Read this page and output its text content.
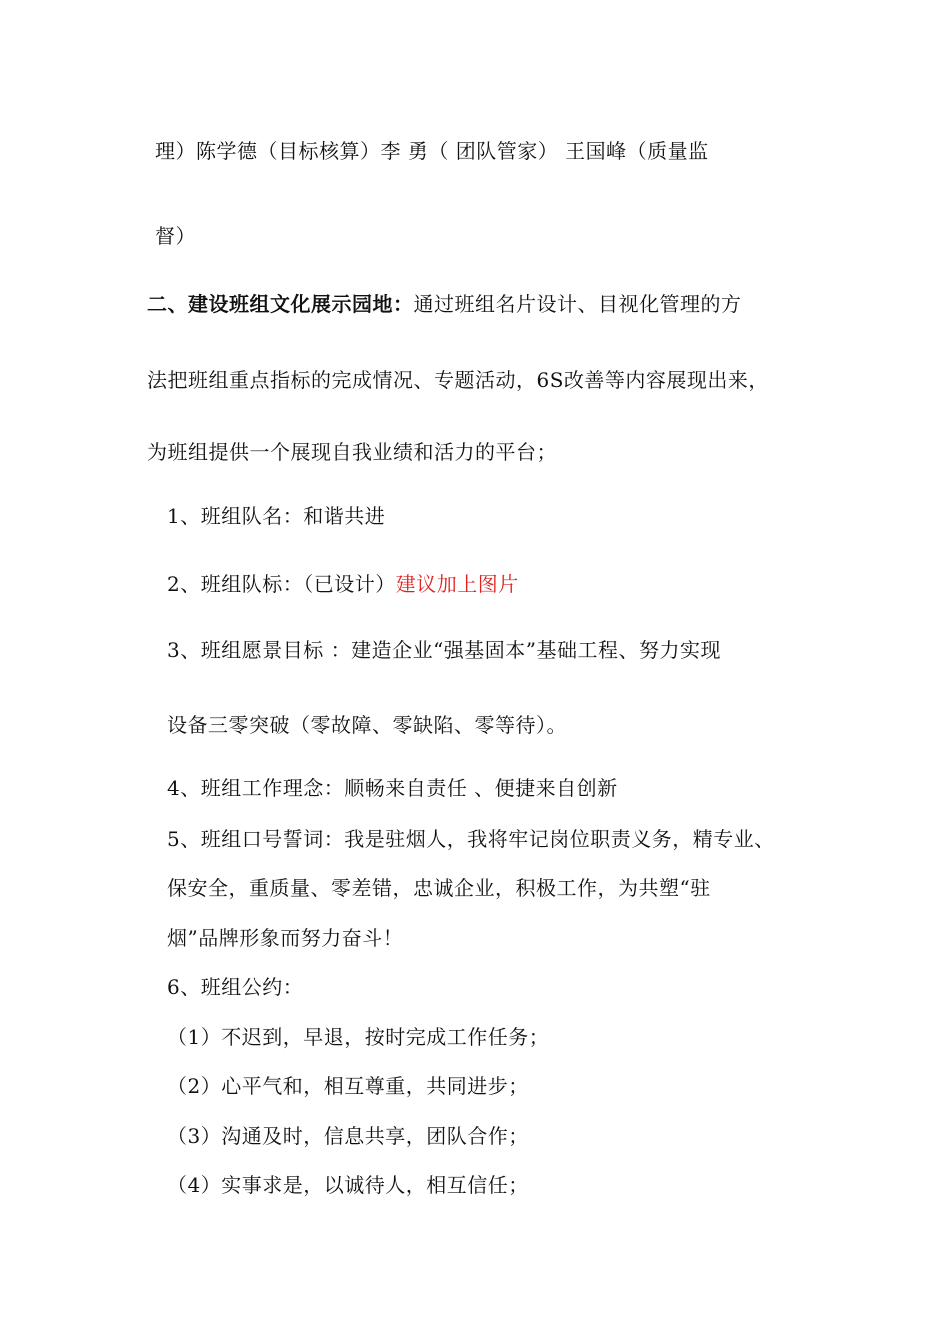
理）陈学德（目标核算）李 勇（ 团队管家） 王国峰（质量监
督）
二、建设班组文化展示园地：通过班组名片设计、目视化管理的方
法把班组重点指标的完成情况、专题活动，6S改善等内容展现出来，
为班组提供一个展现自我业绩和活力的平台；
1、班组队名：和谐共进
2、班组队标：（已设计）建议加上图片
3、班组愿景目标 ：建造企业“强基固本”基础工程、努力实现
设备三零突破（零故障、零缺陷、零等待）。
4、班组工作理念：顺畅来自责任 、便捷来自创新
5、班组口号誓词：我是驻烟人，我将牢记岗位职责义务，精专业、
保安全，重质量、零差错，忠诚企业，积极工作，为共塑“驻
烟”品牌形象而努力奋斗！
6、班组公约：
（1）不迟到，早退，按时完成工作任务；
（2）心平气和，相互尊重，共同进步；
（3）沟通及时，信息共享，团队合作；
（4）实事求是，以诚待人，相互信任；
